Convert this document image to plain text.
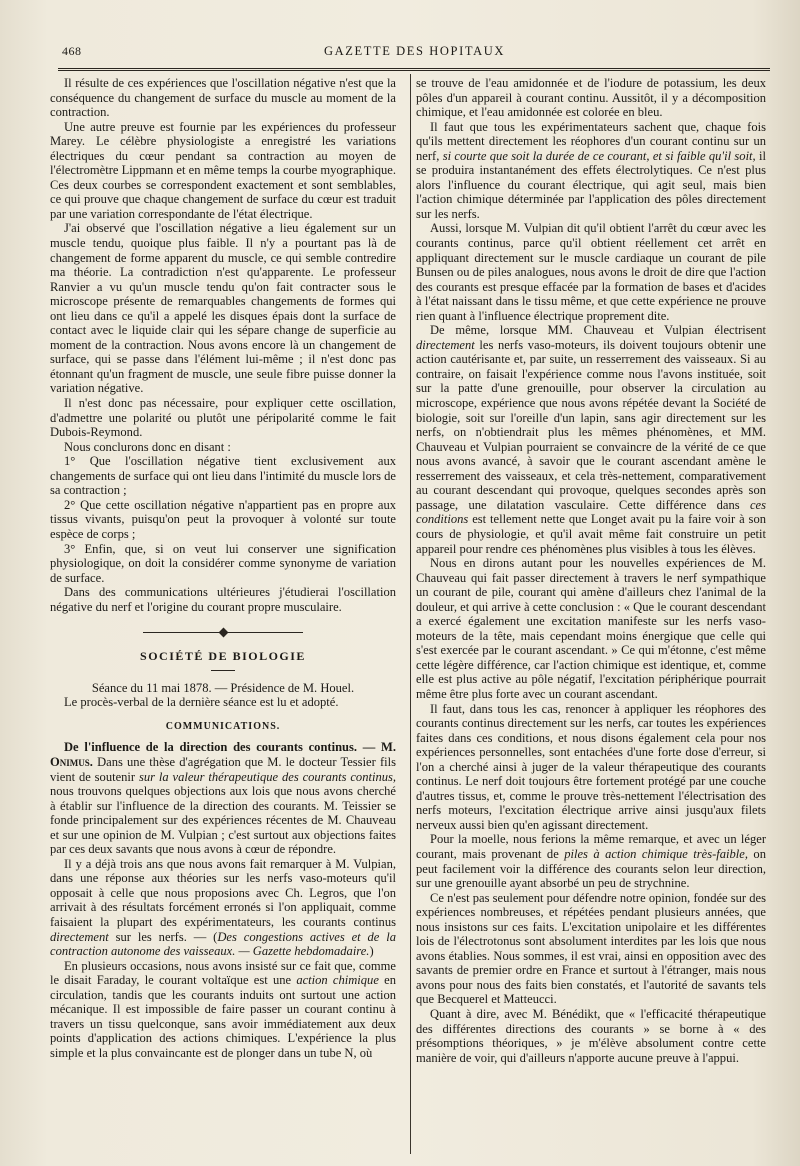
468	GAZETTE DES HOPITAUX

Il résulte de ces expériences que l'oscillation négative n'est que la conséquence du changement de surface du muscle au moment de la contraction.

Une autre preuve est fournie par les expériences du professeur Marey. Le célèbre physiologiste a enregistré les variations électriques du cœur pendant sa contraction au moyen de l'électromètre Lippmann et en même temps la courbe myographique. Ces deux courbes se correspondent exactement et sont semblables, ce qui prouve que chaque changement de surface du cœur est traduit par une variation correspondante de l'état électrique.

J'ai observé que l'oscillation négative a lieu également sur un muscle tendu, quoique plus faible. Il n'y a pourtant pas là de changement de forme apparent du muscle, ce qui semble contredire ma théorie. La contradiction n'est qu'apparente. Le professeur Ranvier a vu qu'un muscle tendu qu'on fait contracter sous le microscope présente de remarquables changements de formes qui ont lieu dans ce qu'il a appelé les disques épais dont la surface de contact avec le liquide clair qui les sépare change de superficie au moment de la contraction. Nous avons encore là un changement de surface, qui se passe dans l'élément lui-même ; il n'est donc pas étonnant qu'un fragment de muscle, une seule fibre puisse donner la variation négative.

Il n'est donc pas nécessaire, pour expliquer cette oscillation, d'admettre une polarité ou plutôt une péripolarité comme le fait Dubois-Reymond.

Nous conclurons donc en disant :

1° Que l'oscillation négative tient exclusivement aux changements de surface qui ont lieu dans l'intimité du muscle lors de sa contraction ;

2° Que cette oscillation négative n'appartient pas en propre aux tissus vivants, puisqu'on peut la provoquer à volonté sur toute espèce de corps ;

3° Enfin, que, si on veut lui conserver une signification physiologique, on doit la considérer comme synonyme de variation de surface.

Dans des communications ultérieures j'étudierai l'oscillation négative du nerf et l'origine du courant propre musculaire.

SOCIÉTÉ DE BIOLOGIE

Séance du 11 mai 1878. — Présidence de M. Houel.

Le procès-verbal de la dernière séance est lu et adopté.

COMMUNICATIONS.

De l'influence de la direction des courants continus. — M. Onimus. Dans une thèse d'agrégation que M. le docteur Tessier fils vient de soutenir sur la valeur thérapeutique des courants continus, nous trouvons quelques objections aux lois que nous avons cherché à établir sur l'influence de la direction des courants. M. Teissier se fonde principalement sur des expériences récentes de M. Chauveau et sur une opinion de M. Vulpian ; c'est surtout aux objections faites par ces deux savants que nous avons à cœur de répondre.

Il y a déjà trois ans que nous avons fait remarquer à M. Vulpian, dans une réponse aux théories sur les nerfs vaso-moteurs qu'il opposait à celle que nous proposions avec Ch. Legros, que l'on arrivait à des résultats forcément erronés si l'on appliquait, comme faisaient la plupart des expérimentateurs, les courants continus directement sur les nerfs. — (Des congestions actives et de la contraction autonome des vaisseaux. — Gazette hebdomadaire.)

En plusieurs occasions, nous avons insisté sur ce fait que, comme le disait Faraday, le courant voltaïque est une action chimique en circulation, tandis que les courants induits ont surtout une action mécanique. Il est impossible de faire passer un courant continu à travers un tissu quelconque, sans avoir immédiatement aux deux points d'application des actions chimiques. L'expérience la plus simple et la plus convaincante est de plonger dans un tube N, où

se trouve de l'eau amidonnée et de l'iodure de potassium, les deux pôles d'un appareil à courant continu. Aussitôt, il y a décomposition chimique, et l'eau amidonnée est colorée en bleu.

Il faut que tous les expérimentateurs sachent que, chaque fois qu'ils mettent directement les réophores d'un courant continu sur un nerf, si courte que soit la durée de ce courant, et si faible qu'il soit, il se produira instantanément des effets électrolytiques. Ce n'est plus alors l'influence du courant électrique, qui agit seul, mais bien l'action chimique déterminée par l'application des pôles directement sur les nerfs.

Aussi, lorsque M. Vulpian dit qu'il obtient l'arrêt du cœur avec les courants continus, parce qu'il obtient réellement cet arrêt en appliquant directement sur le muscle cardiaque un courant de pile Bunsen ou de piles analogues, nous avons le droit de dire que l'action des courants est presque effacée par la formation de bases et d'acides à l'état naissant dans le tissu même, et que cette expérience ne prouve rien quant à l'influence électrique proprement dite.

De même, lorsque MM. Chauveau et Vulpian électrisent directement les nerfs vaso-moteurs, ils doivent toujours obtenir une action cautérisante et, par suite, un resserrement des vaisseaux. Si au contraire, on faisait l'expérience comme nous l'avons instituée, soit sur la patte d'une grenouille, pour observer la circulation au microscope, expérience que nous avons répétée devant la Société de biologie, soit sur l'oreille d'un lapin, sans agir directement sur les nerfs, on n'obtiendrait plus les mêmes phénomènes, et MM. Chauveau et Vulpian pourraient se convaincre de la vérité de ce que nous avons avancé, à savoir que le courant ascendant amène le resserrement des vaisseaux, et cela très-nettement, comparativement au courant descendant qui provoque, quelques secondes après son passage, une dilatation vasculaire. Cette différence dans ces conditions est tellement nette que Longet avait pu la faire voir à son cours de physiologie, et qu'il avait même fait construire un petit appareil pour rendre ces phénomènes plus visibles à tous les élèves.

Nous en dirons autant pour les nouvelles expériences de M. Chauveau qui fait passer directement à travers le nerf sympathique un courant de pile, courant qui amène d'ailleurs chez l'animal de la douleur, et qui arrive à cette conclusion : « Que le courant descendant a exercé également une excitation manifeste sur les nerfs vaso-moteurs de la tête, mais cependant moins énergique que celle qui s'est exercée par le courant ascendant. » Ce qui m'étonne, c'est même cette légère différence, car l'action chimique est identique, et, comme elle est plus active au pôle négatif, l'excitation périphérique pourrait même être plus forte avec un courant ascendant.

Il faut, dans tous les cas, renoncer à appliquer les réophores des courants continus directement sur les nerfs, car toutes les expériences faites dans ces conditions, et nous disons également cela pour nos expériences personnelles, sont entachées d'une forte dose d'erreur, si l'on a cherché ainsi à juger de la valeur thérapeutique des courants continus. Le nerf doit toujours être fortement protégé par une couche d'autres tissus, et, comme le prouve très-nettement l'électrisation des nerfs moteurs, l'excitation électrique arrive ainsi jusqu'aux filets nerveux aussi bien qu'en agissant directement.

Pour la moelle, nous ferions la même remarque, et avec un léger courant, mais provenant de piles à action chimique très-faible, on peut facilement voir la différence des courants selon leur direction, sur une grenouille ayant absorbé un peu de strychnine.

Ce n'est pas seulement pour défendre notre opinion, fondée sur des expériences nombreuses, et répétées pendant plusieurs années, que nous insistons sur ces faits. L'excitation unipolaire et les différentes lois de l'électrotonus sont absolument interdites par les lois que nous avons établies. Nous sommes, il est vrai, ainsi en opposition avec des savants de premier ordre en France et surtout à l'étranger, mais nous avons pour nous des faits bien constatés, et l'autorité de savants tels que Becquerel et Matteucci.

Quant à dire, avec M. Bénédikt, que « l'efficacité thérapeutique des différentes directions des courants » se borne à « des présomptions théoriques, » je m'élève absolument contre cette manière de voir, qui d'ailleurs n'apporte aucune preuve à l'appui.
